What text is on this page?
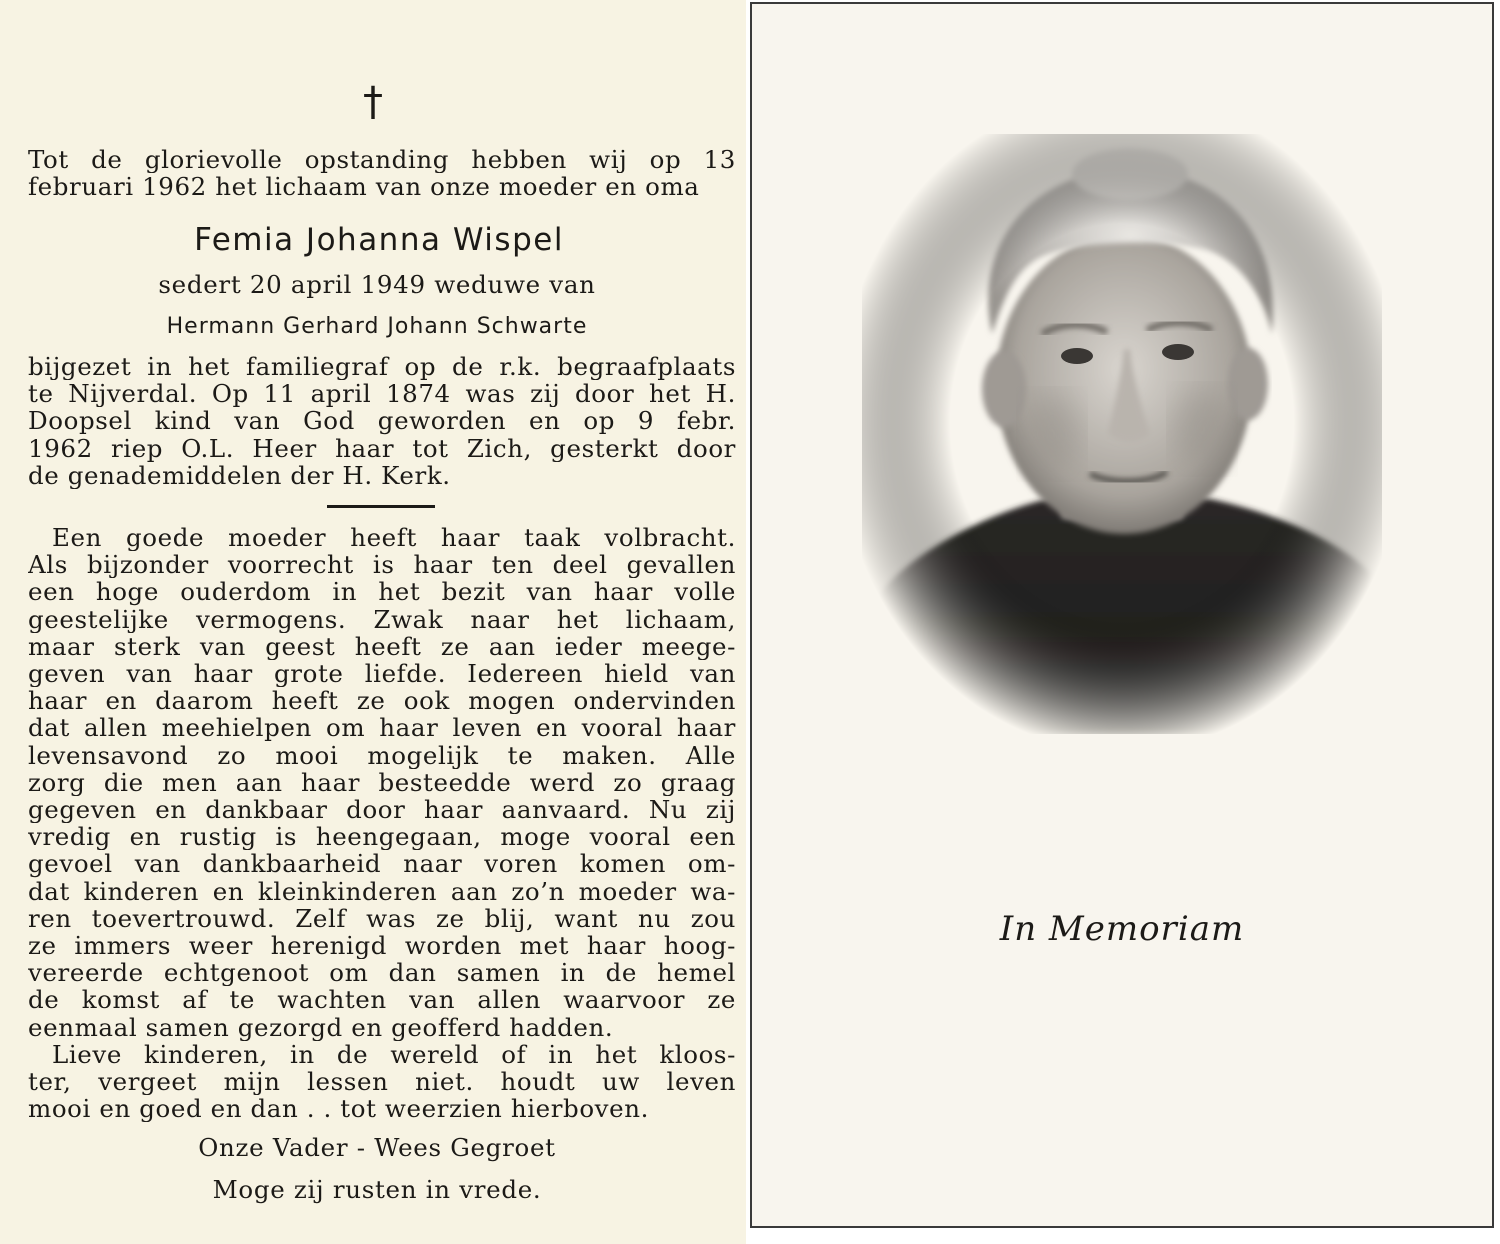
†
Tot de glorievolle opstanding hebben wij op 13
februari 1962 het lichaam van onze moeder en oma
Femia Johanna Wispel
sedert 20 april 1949 weduwe van
Hermann Gerhard Johann Schwarte
bijgezet in het familiegraf op de r.k. begraafplaats
te Nijverdal. Op 11 april 1874 was zij door het H.
Doopsel kind van God geworden en op 9 febr.
1962 riep O.L. Heer haar tot Zich, gesterkt door
de genademiddelen der H. Kerk.
Een goede moeder heeft haar taak volbracht.
Als bijzonder voorrecht is haar ten deel gevallen
een hoge ouderdom in het bezit van haar volle
geestelijke vermogens. Zwak naar het lichaam,
maar sterk van geest heeft ze aan ieder meege-
geven van haar grote liefde. Iedereen hield van
haar en daarom heeft ze ook mogen ondervinden
dat allen meehielpen om haar leven en vooral haar
levensavond zo mooi mogelijk te maken. Alle
zorg die men aan haar besteedde werd zo graag
gegeven en dankbaar door haar aanvaard. Nu zij
vredig en rustig is heengegaan, moge vooral een
gevoel van dankbaarheid naar voren komen om-
dat kinderen en kleinkinderen aan zo’n moeder wa-
ren toevertrouwd. Zelf was ze blij, want nu zou
ze immers weer herenigd worden met haar hoog-
vereerde echtgenoot om dan samen in de hemel
de komst af te wachten van allen waarvoor ze
eenmaal samen gezorgd en geofferd hadden.
Lieve kinderen, in de wereld of in het kloos-
ter, vergeet mijn lessen niet. houdt uw leven
mooi en goed en dan . . tot weerzien hierboven.
Onze Vader - Wees Gegroet
Moge zij rusten in vrede.
In Memoriam
